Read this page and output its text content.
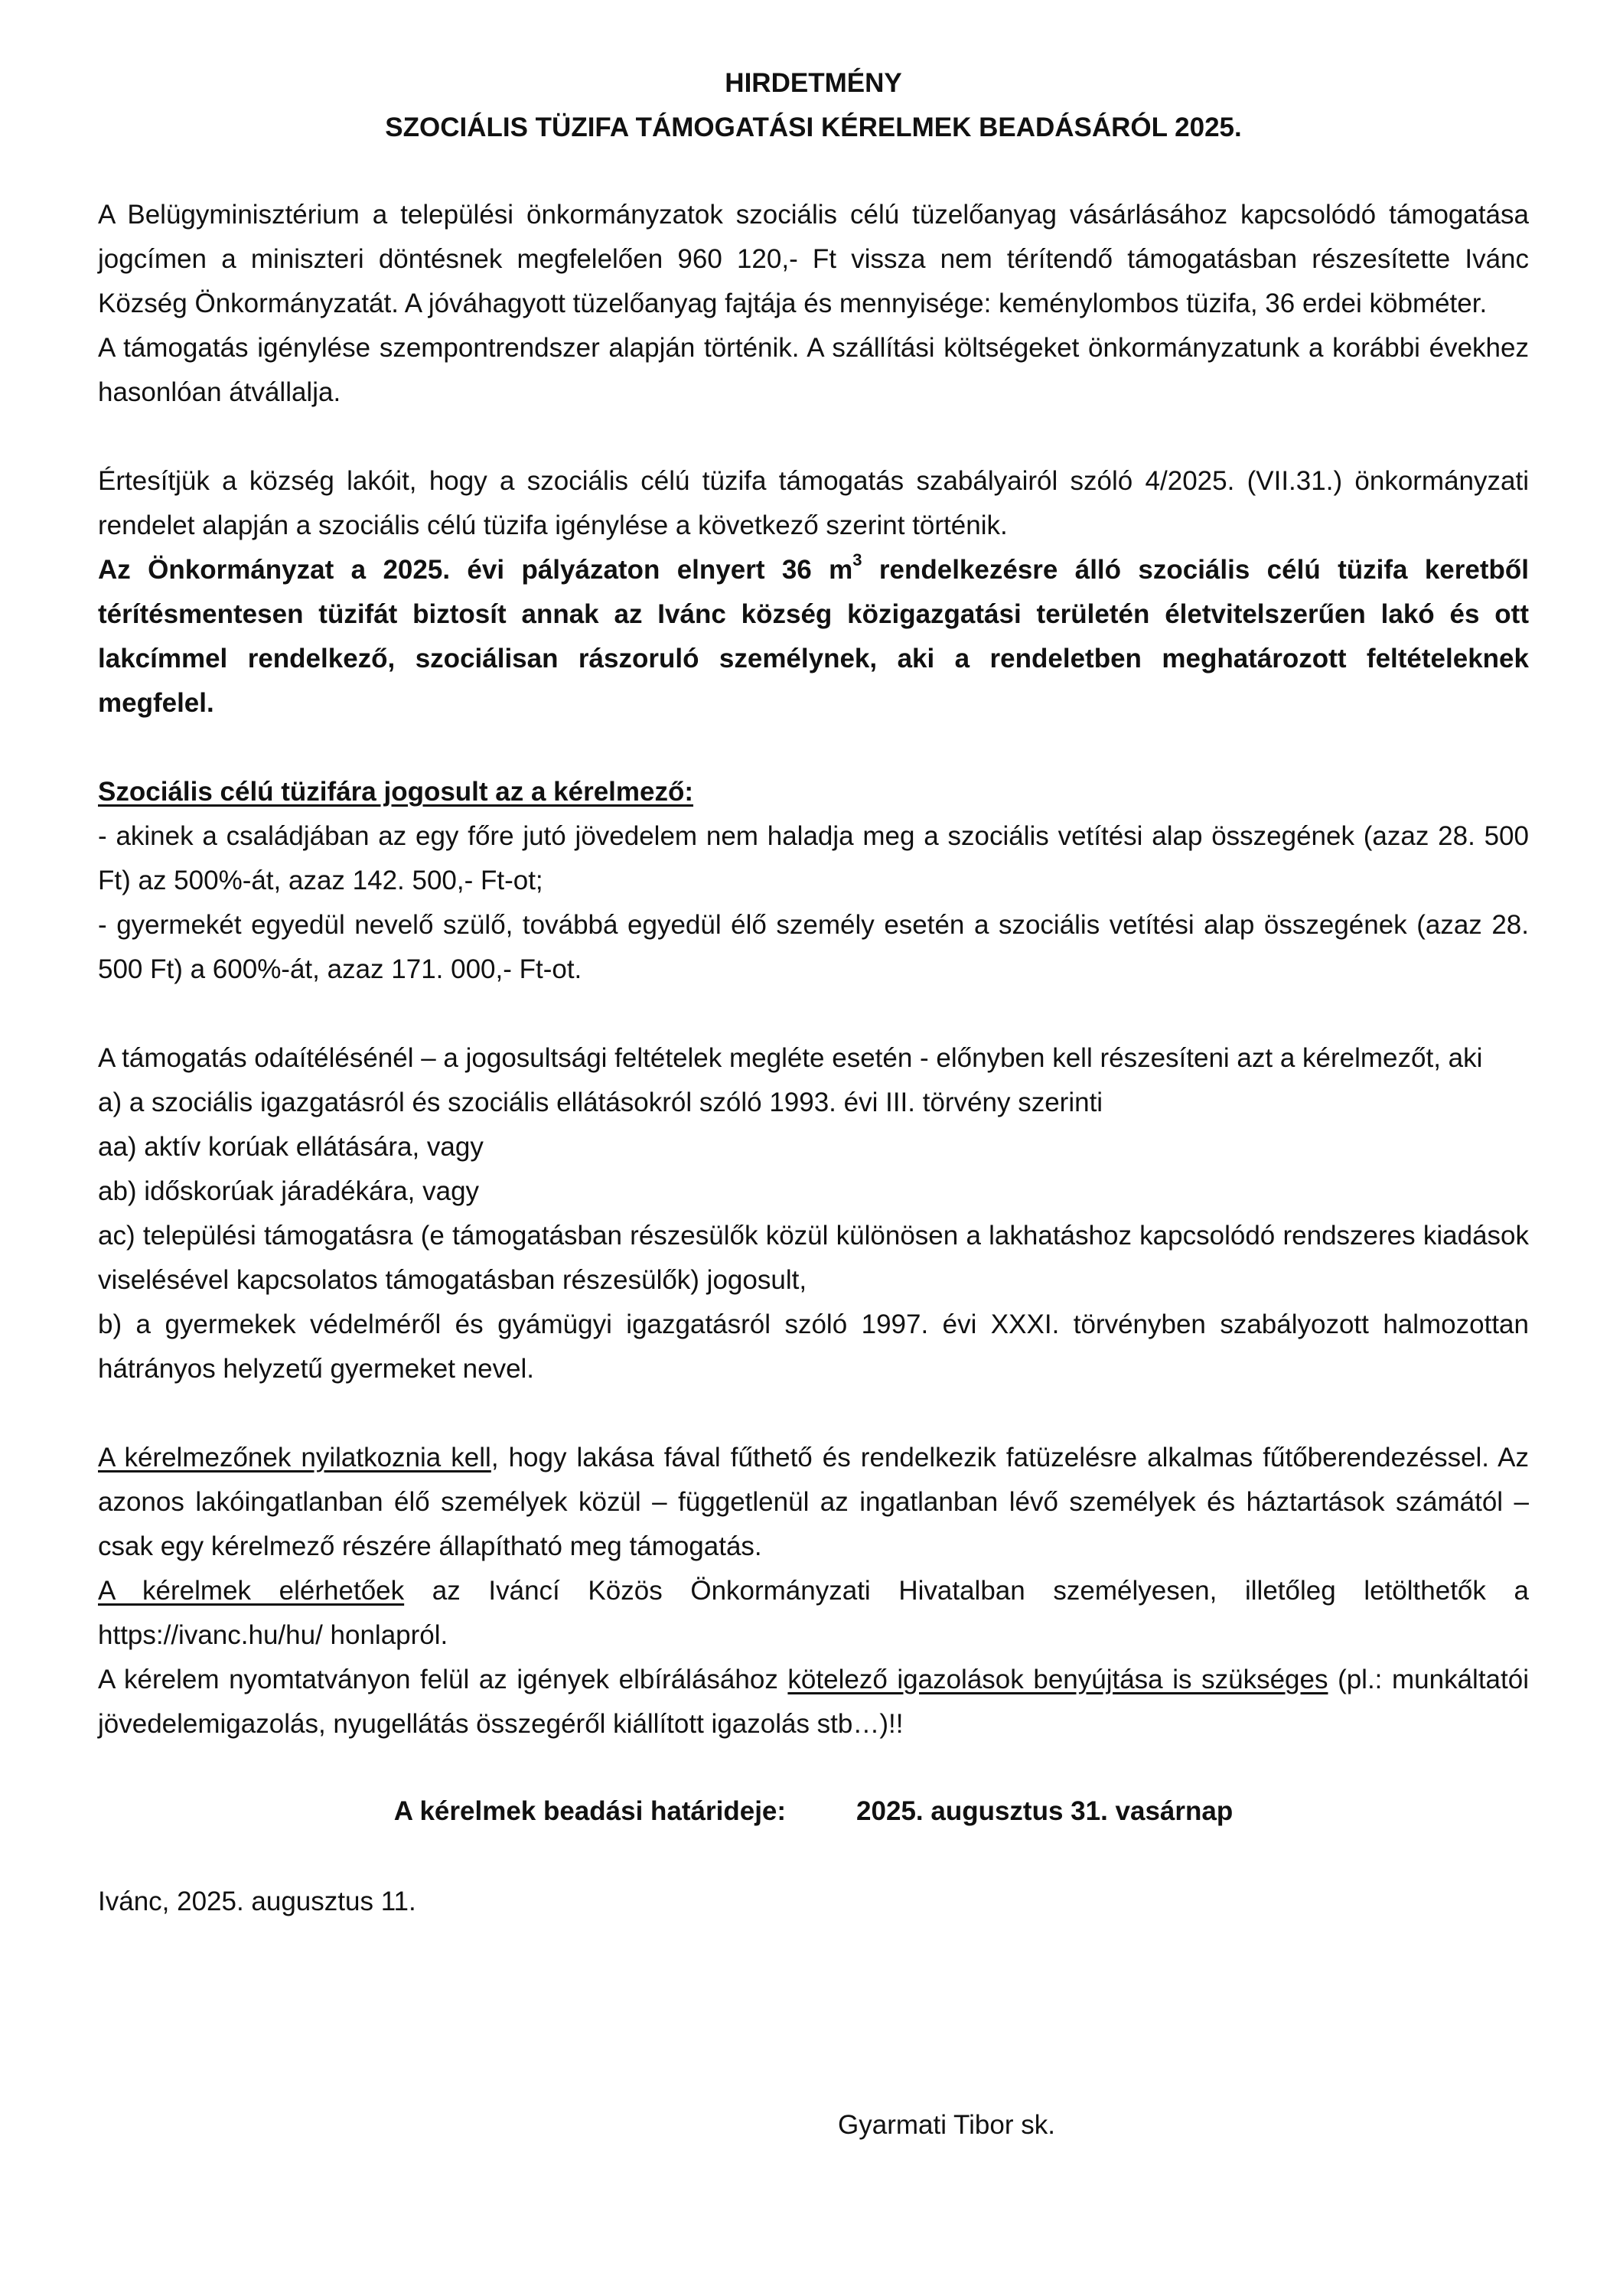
HIRDETMÉNY

SZOCIÁLIS TÜZIFA TÁMOGATÁSI KÉRELMEK BEADÁSÁRÓL 2025.

A Belügyminisztérium a települési önkormányzatok szociális célú tüzelőanyag vásárlásához kapcsolódó támogatása jogcímen a miniszteri döntésnek megfelelően 960 120,- Ft vissza nem térítendő támogatásban részesítette Ivánc Község Önkormányzatát. A jóváhagyott tüzelőanyag fajtája és mennyisége: keménylombos tüzifa, 36 erdei köbméter.

A támogatás igénylése szempontrendszer alapján történik. A szállítási költségeket önkormányzatunk a korábbi évekhez hasonlóan átvállalja.

Értesítjük a község lakóit, hogy a szociális célú tüzifa támogatás szabályairól szóló 4/2025. (VII.31.) önkormányzati rendelet alapján a szociális célú tüzifa igénylése a következő szerint történik.

Az Önkormányzat a 2025. évi pályázaton elnyert 36 $m^3$ rendelkezésre álló szociális célú tüzifa keretből térítésmentesen tüzifát biztosít annak az Ivánc község közigazgatási területén életvitelszerűen lakó és ott lakcímmel rendelkező, szociálisan rászoruló személynek, aki a rendeletben meghatározott feltételeknek megfelel.

Szociális célú tüzifára jogosult az a kérelmező:

- akinek a családjában az egy főre jutó jövedelem nem haladja meg a szociális vetítési alap összegének (azaz 28. 500 Ft) az 500%-át, azaz 142. 500,- Ft-ot;

- gyermekét egyedül nevelő szülő, továbbá egyedül élő személy esetén a szociális vetítési alap összegének (azaz 28. 500 Ft) a 600%-át, azaz 171. 000,- Ft-ot.

A támogatás odaítélésénél – a jogosultsági feltételek megléte esetén - előnyben kell részesíteni azt a kérelmezőt, aki

a) a szociális igazgatásról és szociális ellátásokról szóló 1993. évi III. törvény szerinti

aa) aktív korúak ellátására, vagy

ab) időskorúak járadékára, vagy

ac) települési támogatásra (e támogatásban részesülők közül különösen a lakhatáshoz kapcsolódó rendszeres kiadások viselésével kapcsolatos támogatásban részesülők) jogosult,

b) a gyermekek védelméről és gyámügyi igazgatásról szóló 1997. évi XXXI. törvényben szabályozott halmozottan hátrányos helyzetű gyermeket nevel.

A kérelmezőnek nyilatkoznia kell, hogy lakása fával fűthető és rendelkezik fatüzelésre alkalmas fűtőberendezéssel. Az azonos lakóingatlanban élő személyek közül – függetlenül az ingatlanban lévő személyek és háztartások számától – csak egy kérelmező részére állapítható meg támogatás.

A kérelmek elérhetőek az Iváncí Közös Önkormányzati Hivatalban személyesen, illetőleg letölthetők a https://ivanc.hu/hu/ honlapról.

A kérelem nyomtatványon felül az igények elbírálásához kötelező igazolások benyújtása is szükséges (pl.: munkáltatói jövedelemigazolás, nyugellátás összegéről kiállított igazolás stb…)!!

A kérelmek beadási határideje:	2025. augusztus 31. vasárnap

Ivánc, 2025. augusztus 11.

Gyarmati Tibor sk.
